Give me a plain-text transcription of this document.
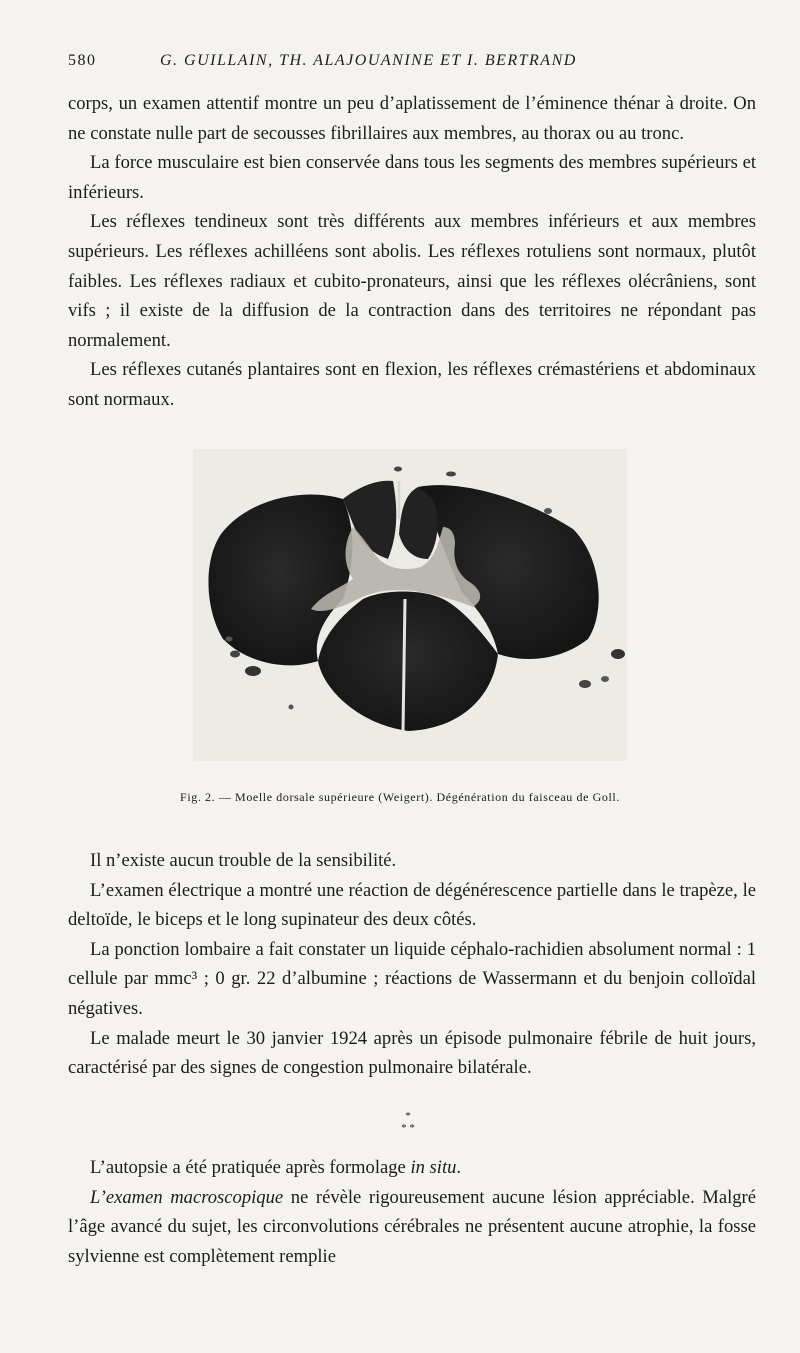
580	G. GUILLAIN, TH. ALAJOUANINE ET I. BERTRAND

corps, un examen attentif montre un peu d’aplatissement de l’éminence thénar à droite. On ne constate nulle part de secousses fibrillaires aux membres, au thorax ou au tronc.

La force musculaire est bien conservée dans tous les segments des membres supérieurs et inférieurs.

Les réflexes tendineux sont très différents aux membres inférieurs et aux membres supérieurs. Les réflexes achilléens sont abolis. Les réflexes rotuliens sont normaux, plutôt faibles. Les réflexes radiaux et cubito-pronateurs, ainsi que les réflexes olécrâniens, sont vifs ; il existe de la diffusion de la contraction dans des territoires ne répondant pas normalement.

Les réflexes cutanés plantaires sont en flexion, les réflexes crémastériens et abdominaux sont normaux.

Fig. 2. — Moelle dorsale supérieure (Weigert). Dégénération du faisceau de Goll.

Il n’existe aucun trouble de la sensibilité.

L’examen électrique a montré une réaction de dégénérescence partielle dans le trapèze, le deltoïde, le biceps et le long supinateur des deux côtés.

La ponction lombaire a fait constater un liquide céphalo-rachidien absolument normal : 1 cellule par mmc³ ; 0 gr. 22 d’albumine ; réactions de Wassermann et du benjoin colloïdal négatives.

Le malade meurt le 30 janvier 1924 après un épisode pulmonaire fébrile de huit jours, caractérisé par des signes de congestion pulmonaire bilatérale.

*
* *

L’autopsie a été pratiquée après formolage in situ.

L’examen macroscopique ne révèle rigoureusement aucune lésion appréciable. Malgré l’âge avancé du sujet, les circonvolutions cérébrales ne présentent aucune atrophie, la fosse sylvienne est complètement remplie
